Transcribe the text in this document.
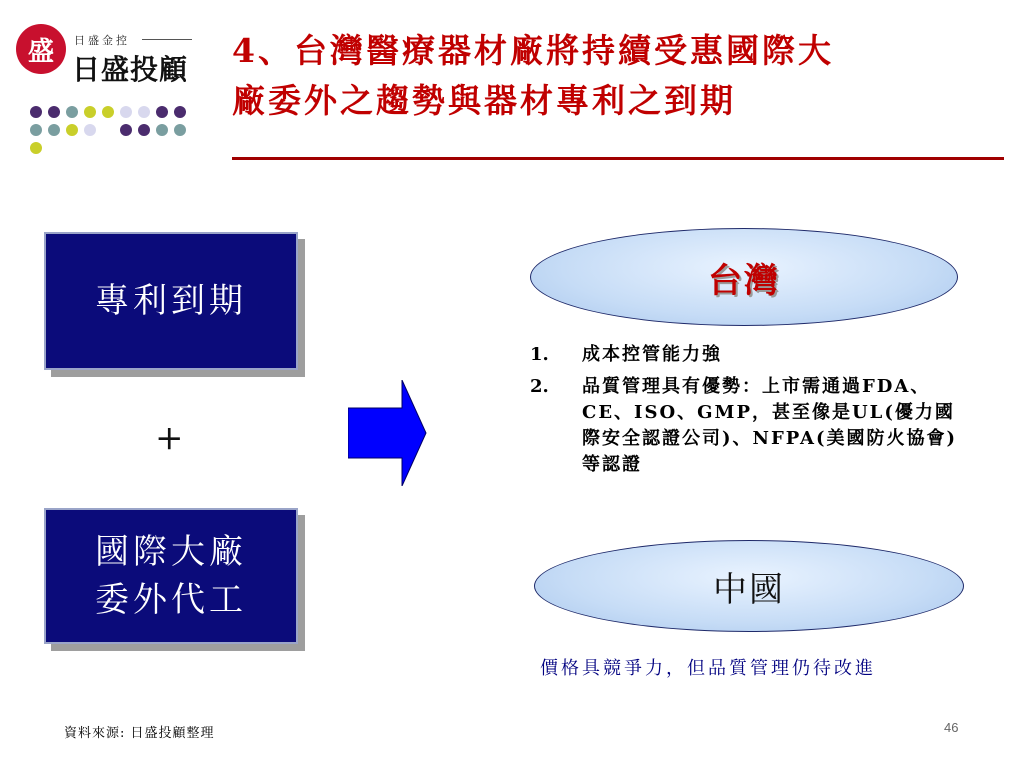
盛 日盛金控
日盛投顧 4、台灣醫療器材廠將持續受惠國際大
廠委外之趨勢與器材專利之到期
專利到期
+
國際大廠
委外代工
台灣
1.	成本控管能力強
2.	品質管理具有優勢：上市需通過FDA、CE、ISO、GMP，甚至像是UL(優力國際安全認證公司)、NFPA(美國防火協會)等認證
中國
價格具競爭力，但品質管理仍待改進
資料來源: 日盛投顧整理	46
